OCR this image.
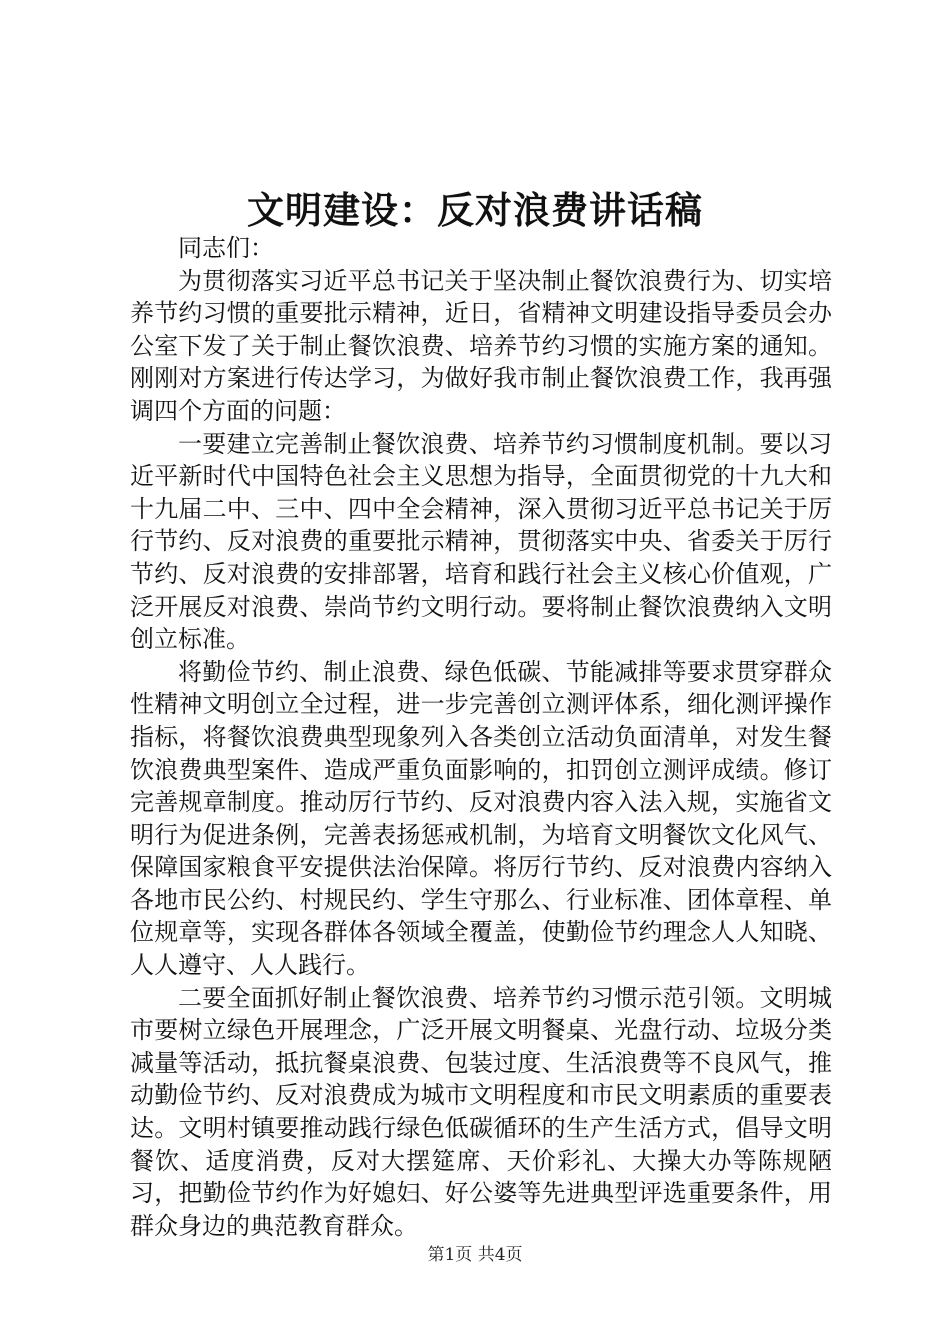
文明建设：反对浪费讲话稿

同志们：

为贯彻落实习近平总书记关于坚决制止餐饮浪费行为、切实培养节约习惯的重要批示精神，近日，省精神文明建设指导委员会办公室下发了关于制止餐饮浪费、培养节约习惯的实施方案的通知。刚刚对方案进行传达学习，为做好我市制止餐饮浪费工作，我再强调四个方面的问题：

一要建立完善制止餐饮浪费、培养节约习惯制度机制。要以习近平新时代中国特色社会主义思想为指导，全面贯彻党的十九大和十九届二中、三中、四中全会精神，深入贯彻习近平总书记关于厉行节约、反对浪费的重要批示精神，贯彻落实中央、省委关于厉行节约、反对浪费的安排部署，培育和践行社会主义核心价值观，广泛开展反对浪费、崇尚节约文明行动。要将制止餐饮浪费纳入文明创立标准。

将勤俭节约、制止浪费、绿色低碳、节能减排等要求贯穿群众性精神文明创立全过程，进一步完善创立测评体系，细化测评操作指标，将餐饮浪费典型现象列入各类创立活动负面清单，对发生餐饮浪费典型案件、造成严重负面影响的，扣罚创立测评成绩。修订完善规章制度。推动厉行节约、反对浪费内容入法入规，实施省文明行为促进条例，完善表扬惩戒机制，为培育文明餐饮文化风气、保障国家粮食平安提供法治保障。将厉行节约、反对浪费内容纳入各地市民公约、村规民约、学生守那么、行业标准、团体章程、单位规章等，实现各群体各领域全覆盖，使勤俭节约理念人人知晓、人人遵守、人人践行。

二要全面抓好制止餐饮浪费、培养节约习惯示范引领。文明城市要树立绿色开展理念，广泛开展文明餐桌、光盘行动、垃圾分类减量等活动，抵抗餐桌浪费、包装过度、生活浪费等不良风气，推动勤俭节约、反对浪费成为城市文明程度和市民文明素质的重要表达。文明村镇要推动践行绿色低碳循环的生产生活方式，倡导文明餐饮、适度消费，反对大摆筵席、天价彩礼、大操大办等陈规陋习，把勤俭节约作为好媳妇、好公婆等先进典型评选重要条件，用群众身边的典范教育群众。

第1页 共4页
